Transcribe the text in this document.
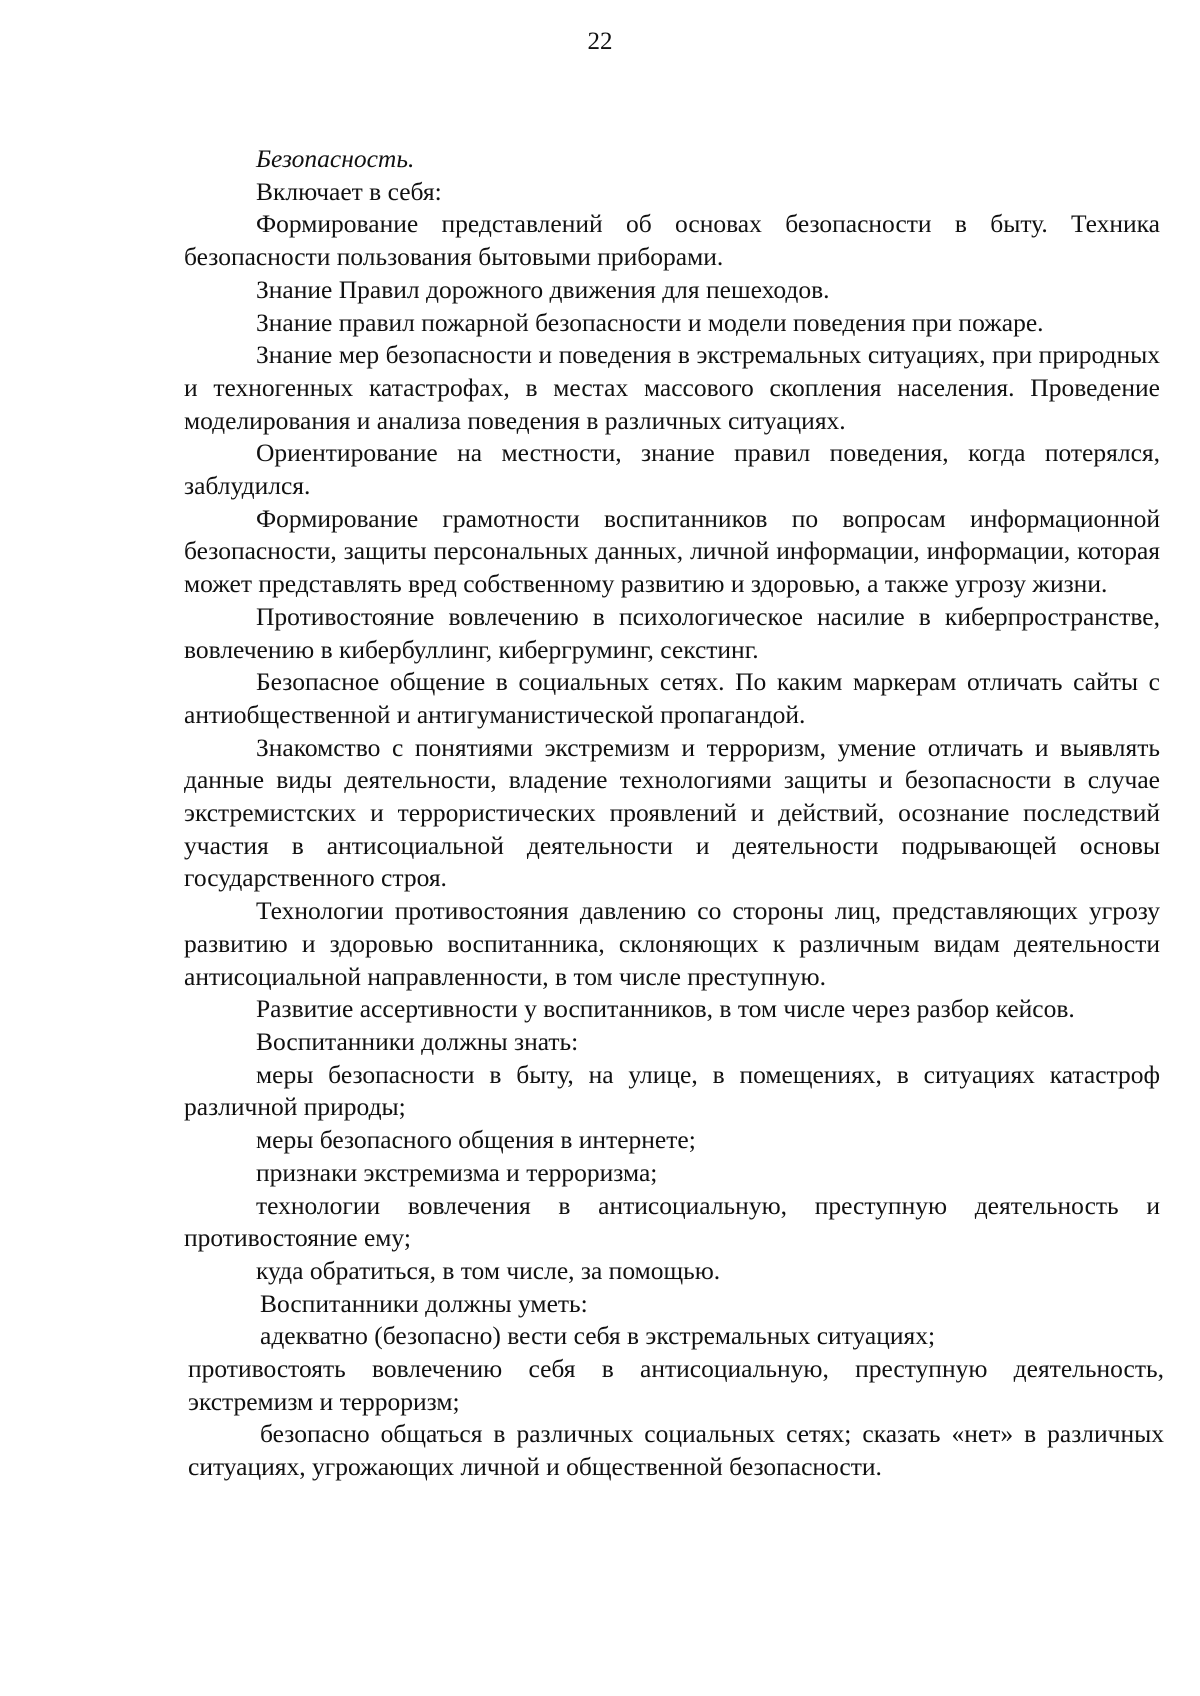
22

Безопасность.

Включает в себя:

Формирование представлений об основах безопасности в быту. Техника безопасности пользования бытовыми приборами.

Знание Правил дорожного движения для пешеходов.

Знание правил пожарной безопасности и модели поведения при пожаре.

Знание мер безопасности и поведения в экстремальных ситуациях, при природных и техногенных катастрофах, в местах массового скопления населения. Проведение моделирования и анализа поведения в различных ситуациях.

Ориентирование на местности, знание правил поведения, когда потерялся, заблудился.

Формирование грамотности воспитанников по вопросам информационной безопасности, защиты персональных данных, личной информации, информации, которая может представлять вред собственному развитию и здоровью, а также угрозу жизни.

Противостояние вовлечению в психологическое насилие в киберпространстве, вовлечению в кибербуллинг, кибергруминг, секстинг.

Безопасное общение в социальных сетях. По каким маркерам отличать сайты с антиобщественной и антигуманистической пропагандой.

Знакомство с понятиями экстремизм и терроризм, умение отличать и выявлять данные виды деятельности, владение технологиями защиты и безопасности в случае экстремистских и террористических проявлений и действий, осознание последствий участия в антисоциальной деятельности и деятельности подрывающей основы государственного строя.

Технологии противостояния давлению со стороны лиц, представляющих угрозу развитию и здоровью воспитанника, склоняющих к различным видам деятельности антисоциальной направленности, в том числе преступную.

Развитие ассертивности у воспитанников, в том числе через разбор кейсов.

Воспитанники должны знать:

меры безопасности в быту, на улице, в помещениях, в ситуациях катастроф различной природы;

меры безопасного общения в интернете;

признаки экстремизма и терроризма;

технологии вовлечения в антисоциальную, преступную деятельность и противостояние ему;

куда обратиться, в том числе, за помощью.

Воспитанники должны уметь:

адекватно (безопасно) вести себя в экстремальных ситуациях;

противостоять вовлечению себя в антисоциальную, преступную деятельность, экстремизм и терроризм;

безопасно общаться в различных социальных сетях; сказать «нет» в различных ситуациях, угрожающих личной и общественной безопасности.
